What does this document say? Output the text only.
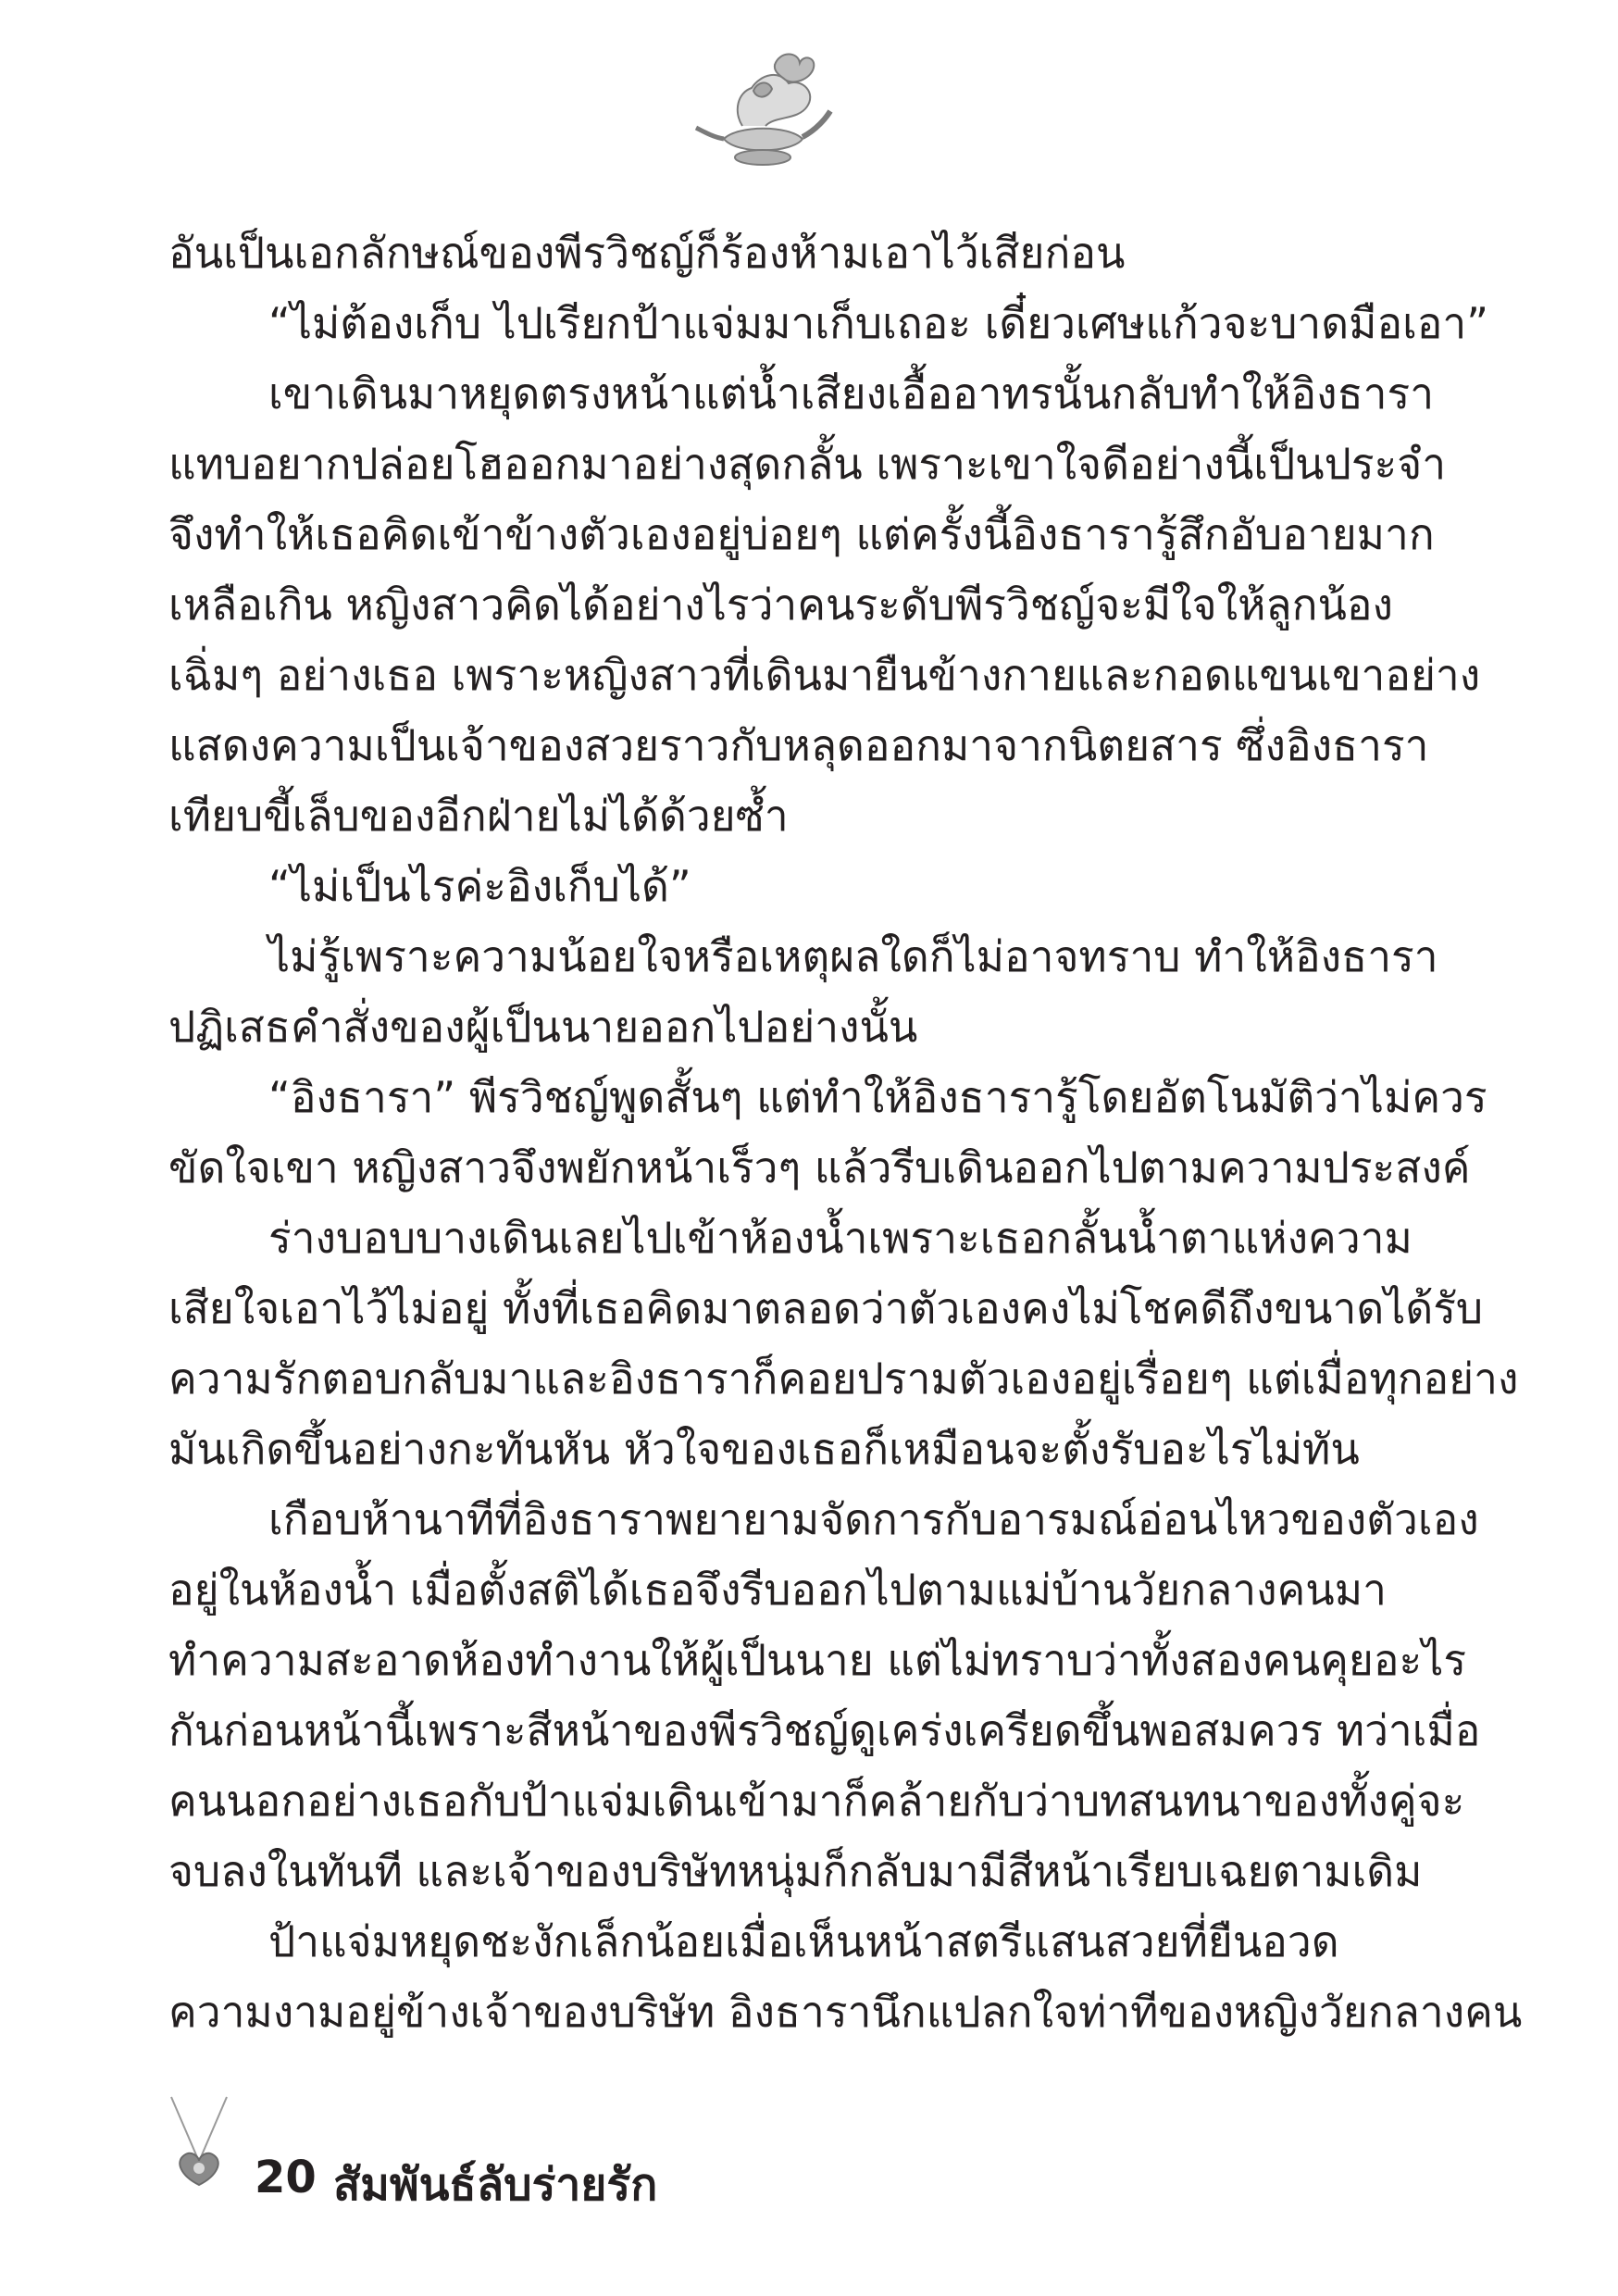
อันเป็นเอกลักษณ์ของพีรวิชญ์ก็ร้องห้ามเอาไว้เสียก่อน
“ไม่ต้องเก็บ ไปเรียกป้าแจ่มมาเก็บเถอะ เดี๋ยวเศษแก้วจะบาดมือเอา”
เขาเดินมาหยุดตรงหน้าแต่น้ำเสียงเอื้ออาทรนั้นกลับทำให้อิงธารา
แทบอยากปล่อยโฮออกมาอย่างสุดกลั้น เพราะเขาใจดีอย่างนี้เป็นประจำ
จึงทำให้เธอคิดเข้าข้างตัวเองอยู่บ่อยๆ แต่ครั้งนี้อิงธารารู้สึกอับอายมาก
เหลือเกิน หญิงสาวคิดได้อย่างไรว่าคนระดับพีรวิชญ์จะมีใจให้ลูกน้อง
เฉิ่มๆ อย่างเธอ เพราะหญิงสาวที่เดินมายืนข้างกายและกอดแขนเขาอย่าง
แสดงความเป็นเจ้าของสวยราวกับหลุดออกมาจากนิตยสาร ซึ่งอิงธารา
เทียบขี้เล็บของอีกฝ่ายไม่ได้ด้วยซ้ำ
“ไม่เป็นไรค่ะอิงเก็บได้”
ไม่รู้เพราะความน้อยใจหรือเหตุผลใดก็ไม่อาจทราบ ทำให้อิงธารา
ปฏิเสธคำสั่งของผู้เป็นนายออกไปอย่างนั้น
“อิงธารา” พีรวิชญ์พูดสั้นๆ แต่ทำให้อิงธารารู้โดยอัตโนมัติว่าไม่ควร
ขัดใจเขา หญิงสาวจึงพยักหน้าเร็วๆ แล้วรีบเดินออกไปตามความประสงค์
ร่างบอบบางเดินเลยไปเข้าห้องน้ำเพราะเธอกลั้นน้ำตาแห่งความ
เสียใจเอาไว้ไม่อยู่ ทั้งที่เธอคิดมาตลอดว่าตัวเองคงไม่โชคดีถึงขนาดได้รับ
ความรักตอบกลับมาและอิงธาราก็คอยปรามตัวเองอยู่เรื่อยๆ แต่เมื่อทุกอย่าง
มันเกิดขึ้นอย่างกะทันหัน หัวใจของเธอก็เหมือนจะตั้งรับอะไรไม่ทัน
เกือบห้านาทีที่อิงธาราพยายามจัดการกับอารมณ์อ่อนไหวของตัวเอง
อยู่ในห้องน้ำ เมื่อตั้งสติได้เธอจึงรีบออกไปตามแม่บ้านวัยกลางคนมา
ทำความสะอาดห้องทำงานให้ผู้เป็นนาย แต่ไม่ทราบว่าทั้งสองคนคุยอะไร
กันก่อนหน้านี้เพราะสีหน้าของพีรวิชญ์ดูเคร่งเครียดขึ้นพอสมควร ทว่าเมื่อ
คนนอกอย่างเธอกับป้าแจ่มเดินเข้ามาก็คล้ายกับว่าบทสนทนาของทั้งคู่จะ
จบลงในทันที และเจ้าของบริษัทหนุ่มก็กลับมามีสีหน้าเรียบเฉยตามเดิม
ป้าแจ่มหยุดชะงักเล็กน้อยเมื่อเห็นหน้าสตรีแสนสวยที่ยืนอวด
ความงามอยู่ข้างเจ้าของบริษัท อิงธารานึกแปลกใจท่าทีของหญิงวัยกลางคน
20 สัมพันธ์ลับร่ายรัก
